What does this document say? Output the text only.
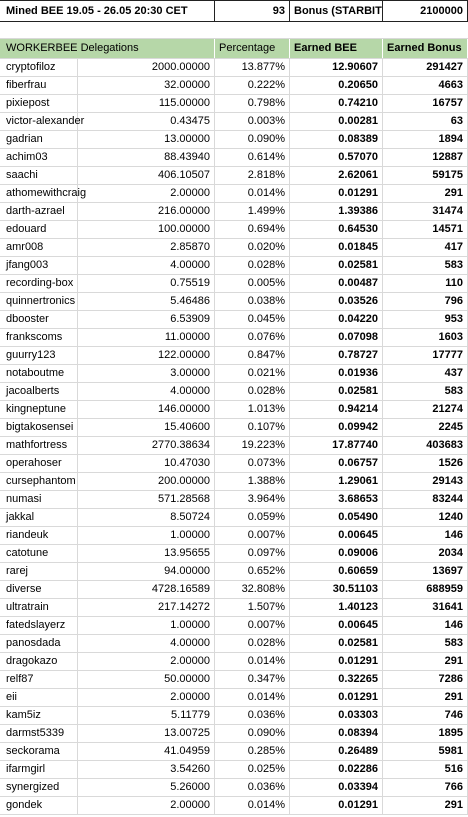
Mined BEE 19.05 - 26.05 20:30 CET	93 Bonus (STARBIT	2100000
WORKERBEE Delegations	Percentage	Earned BEE	Earned Bonus
cryptofiloz	2000.00000	13.877%	12.90607	291427
fiberfrau	32.00000	0.222%	0.20650	4663
pixiepost	115.00000	0.798%	0.74210	16757
victor-alexander	0.43475	0.003%	0.00281	63
gadrian	13.00000	0.090%	0.08389	1894
achim03	88.43940	0.614%	0.57070	12887
saachi	406.10507	2.818%	2.62061	59175
athomewithcraig	2.00000	0.014%	0.01291	291
darth-azrael	216.00000	1.499%	1.39386	31474
edouard	100.00000	0.694%	0.64530	14571
amr008	2.85870	0.020%	0.01845	417
jfang003	4.00000	0.028%	0.02581	583
recording-box	0.75519	0.005%	0.00487	110
quinnertronics	5.46486	0.038%	0.03526	796
dbooster	6.53909	0.045%	0.04220	953
frankscoms	11.00000	0.076%	0.07098	1603
guurry123	122.00000	0.847%	0.78727	17777
notaboutme	3.00000	0.021%	0.01936	437
jacoalberts	4.00000	0.028%	0.02581	583
kingneptune	146.00000	1.013%	0.94214	21274
bigtakosensei	15.40600	0.107%	0.09942	2245
mathfortress	2770.38634	19.223%	17.87740	403683
operahoser	10.47030	0.073%	0.06757	1526
cursephantom	200.00000	1.388%	1.29061	29143
numasi	571.28568	3.964%	3.68653	83244
jakkal	8.50724	0.059%	0.05490	1240
riandeuk	1.00000	0.007%	0.00645	146
catotune	13.95655	0.097%	0.09006	2034
rarej	94.00000	0.652%	0.60659	13697
diverse	4728.16589	32.808%	30.51103	688959
ultratrain	217.14272	1.507%	1.40123	31641
fatedslayerz	1.00000	0.007%	0.00645	146
panosdada	4.00000	0.028%	0.02581	583
dragokazo	2.00000	0.014%	0.01291	291
relf87	50.00000	0.347%	0.32265	7286
eii	2.00000	0.014%	0.01291	291
kam5iz	5.11779	0.036%	0.03303	746
darmst5339	13.00725	0.090%	0.08394	1895
seckorama	41.04959	0.285%	0.26489	5981
ifarmgirl	3.54260	0.025%	0.02286	516
synergized	5.26000	0.036%	0.03394	766
gondek	2.00000	0.014%	0.01291	291
